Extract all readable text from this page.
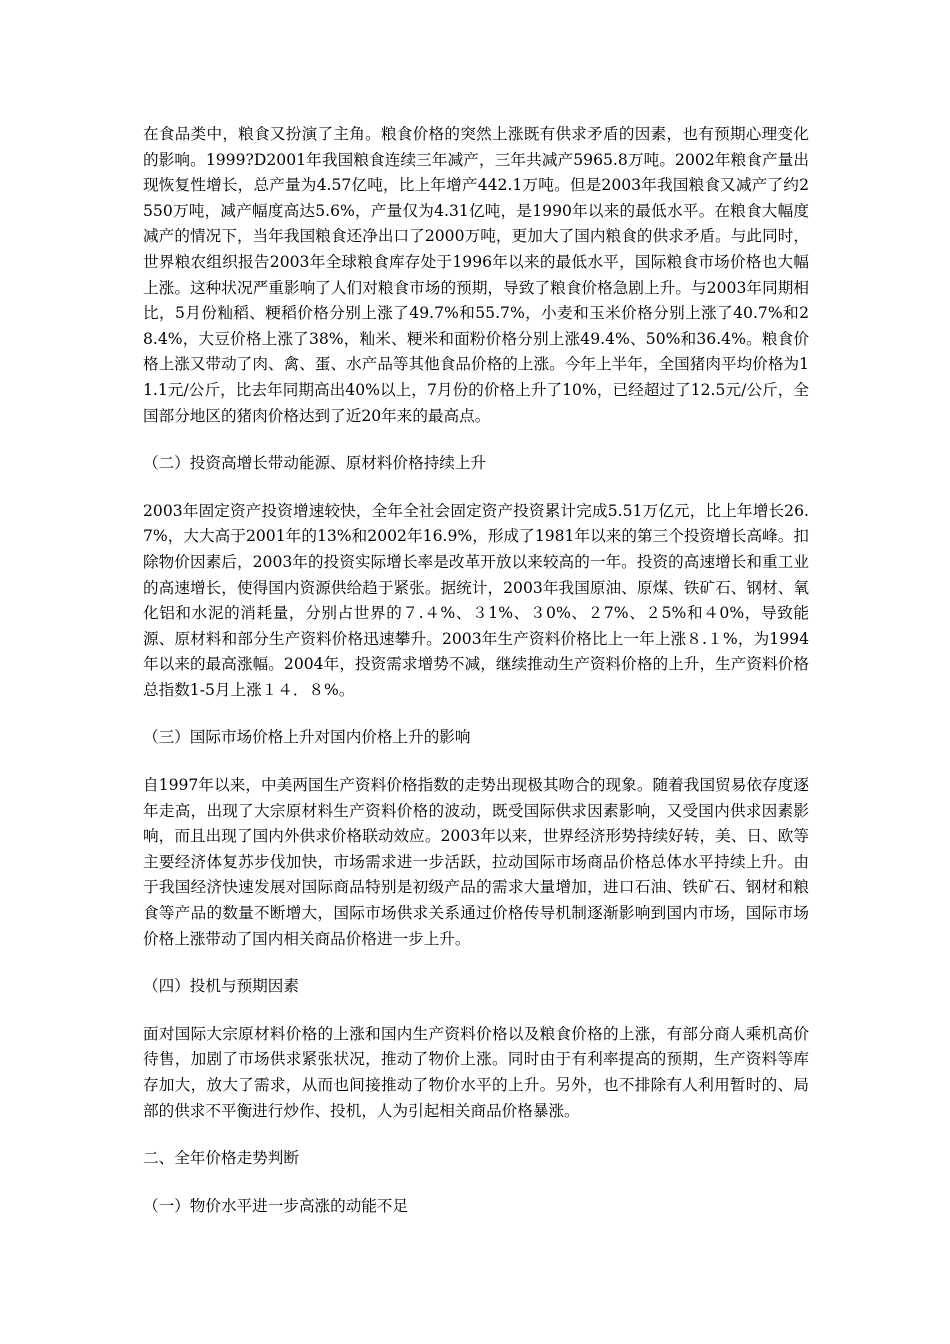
在食品类中，粮食又扮演了主角。粮食价格的突然上涨既有供求矛盾的因素，也有预期心理变化的影响。1999?D2001年我国粮食连续三年减产，三年共减产5965.8万吨。2002年粮食产量出现恢复性增长，总产量为4.57亿吨，比上年增产442.1万吨。但是2003年我国粮食又减产了约2550万吨，减产幅度高达5.6%，产量仅为4.31亿吨，是1990年以来的最低水平。在粮食大幅度减产的情况下，当年我国粮食还净出口了2000万吨，更加大了国内粮食的供求矛盾。与此同时，世界粮农组织报告2003年全球粮食库存处于1996年以来的最低水平，国际粮食市场价格也大幅上涨。这种状况严重影响了人们对粮食市场的预期，导致了粮食价格急剧上升。与2003年同期相比，5月份籼稻、粳稻价格分别上涨了49.7%和55.7%，小麦和玉米价格分别上涨了40.7%和28.4%，大豆价格上涨了38%，籼米、粳米和面粉价格分别上涨49.4%、50%和36.4%。粮食价格上涨又带动了肉、禽、蛋、水产品等其他食品价格的上涨。今年上半年，全国猪肉平均价格为11.1元/公斤，比去年同期高出40%以上，7月份的价格上升了10%，已经超过了12.5元/公斤，全国部分地区的猪肉价格达到了近20年来的最高点。

（二）投资高增长带动能源、原材料价格持续上升

2003年固定资产投资增速较快，全年全社会固定资产投资累计完成5.51万亿元，比上年增长26.7%，大大高于2001年的13%和2002年16.9%，形成了1981年以来的第三个投资增长高峰。扣除物价因素后，2003年的投资实际增长率是改革开放以来较高的一年。投资的高速增长和重工业的高速增长，使得国内资源供给趋于紧张。据统计，2003年我国原油、原煤、铁矿石、钢材、氧化铝和水泥的消耗量，分别占世界的７.４%、３1%、３0%、２7%、２5%和４0%，导致能源、原材料和部分生产资料价格迅速攀升。2003年生产资料价格比上一年上涨８.１%，为1994年以来的最高涨幅。2004年，投资需求增势不减，继续推动生产资料价格的上升，生产资料价格总指数1-5月上涨１４．８%。

（三）国际市场价格上升对国内价格上升的影响

自1997年以来，中美两国生产资料价格指数的走势出现极其吻合的现象。随着我国贸易依存度逐年走高，出现了大宗原材料生产资料价格的波动，既受国际供求因素影响，又受国内供求因素影响，而且出现了国内外供求价格联动效应。2003年以来，世界经济形势持续好转，美、日、欧等主要经济体复苏步伐加快，市场需求进一步活跃，拉动国际市场商品价格总体水平持续上升。由于我国经济快速发展对国际商品特别是初级产品的需求大量增加，进口石油、铁矿石、钢材和粮食等产品的数量不断增大，国际市场供求关系通过价格传导机制逐渐影响到国内市场，国际市场价格上涨带动了国内相关商品价格进一步上升。

（四）投机与预期因素

面对国际大宗原材料价格的上涨和国内生产资料价格以及粮食价格的上涨，有部分商人乘机高价待售，加剧了市场供求紧张状况，推动了物价上涨。同时由于有利率提高的预期，生产资料等库存加大，放大了需求，从而也间接推动了物价水平的上升。另外，也不排除有人利用暂时的、局部的供求不平衡进行炒作、投机，人为引起相关商品价格暴涨。

二、全年价格走势判断

（一）物价水平进一步高涨的动能不足
